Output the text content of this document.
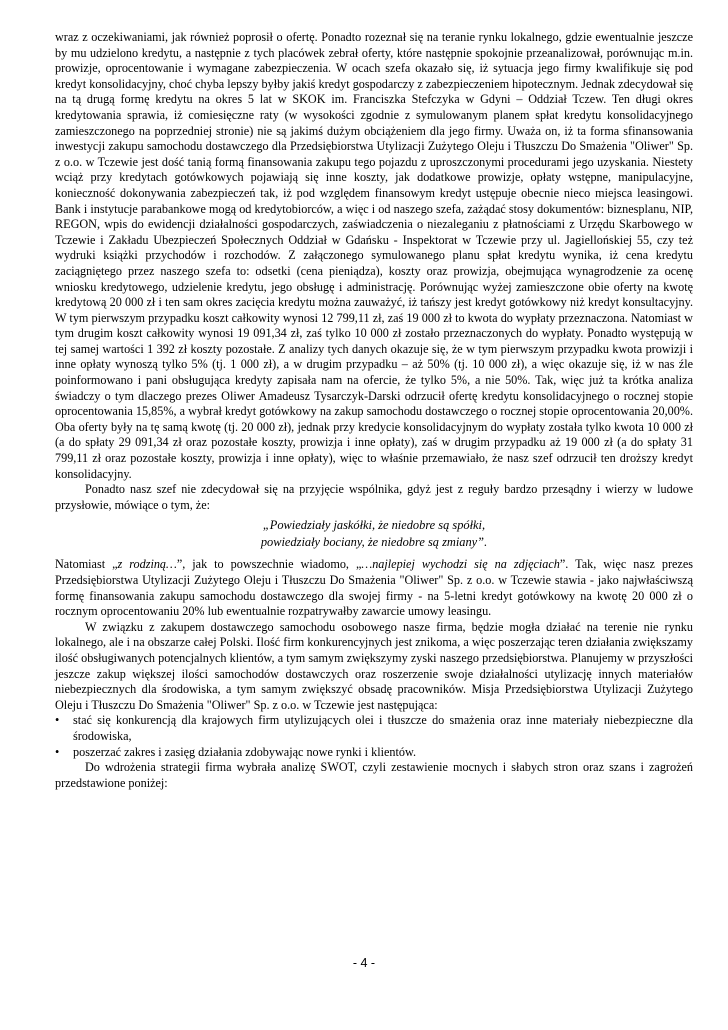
wraz z oczekiwaniami, jak również poprosił o ofertę. Ponadto rozeznał się na teranie rynku lokalnego, gdzie ewentualnie jeszcze by mu udzielono kredytu, a następnie z tych placówek zebrał oferty, które następnie spokojnie przeanalizował, porównując m.in. prowizje, oprocentowanie i wymagane zabezpieczenia. W ocach szefa okazało się, iż sytuacja jego firmy kwalifikuje się pod kredyt konsolidacyjny, choć chyba lepszy byłby jakiś kredyt gospodarczy z zabezpieczeniem hipotecznym. Jednak zdecydował się na tą drugą formę kredytu na okres 5 lat w SKOK im. Franciszka Stefczyka w Gdyni – Oddział Tczew. Ten długi okres kredytowania sprawia, iż comiesięczne raty (w wysokości zgodnie z symulowanym planem spłat kredytu konsolidacyjnego zamieszczonego na poprzedniej stronie) nie są jakimś dużym obciążeniem dla jego firmy. Uważa on, iż ta forma sfinansowania inwestycji zakupu samochodu dostawczego dla Przedsiębiorstwa Utylizacji Zużytego Oleju i Tłuszczu Do Smażenia "Oliwer" Sp. z o.o. w Tczewie jest dość tanią formą finansowania zakupu tego pojazdu z uproszczonymi procedurami jego uzyskania. Niestety wciąż przy kredytach gotówkowych pojawiają się inne koszty, jak dodatkowe prowizje, opłaty wstępne, manipulacyjne, konieczność dokonywania zabezpieczeń tak, iż pod względem finansowym kredyt ustępuje obecnie nieco miejsca leasingowi. Bank i instytucje parabankowe mogą od kredytobiorców, a więc i od naszego szefa, zażądać stosy dokumentów: biznesplanu, NIP, REGON, wpis do ewidencji działalności gospodarczych, zaświadczenia o niezaleganiu z płatnościami z Urzędu Skarbowego w Tczewie i Zakładu Ubezpieczeń Społecznych Oddział w Gdańsku - Inspektorat w Tczewie przy ul. Jagiellońskiej 55, czy też wydruki książki przychodów i rozchodów. Z załączonego symulowanego planu spłat kredytu wynika, iż cena kredytu zaciągniętego przez naszego szefa to: odsetki (cena pieniądza), koszty oraz prowizja, obejmująca wynagrodzenie za ocenę wniosku kredytowego, udzielenie kredytu, jego obsługę i administrację. Porównując wyżej zamieszczone obie oferty na kwotę kredytową 20 000 zł i ten sam okres zacięcia kredytu można zauważyć, iż tańszy jest kredyt gotówkowy niż kredyt konsultacyjny. W tym pierwszym przypadku koszt całkowity wynosi 12 799,11 zł, zaś 19 000 zł to kwota do wypłaty przeznaczona. Natomiast w tym drugim koszt całkowity wynosi 19 091,34 zł, zaś tylko 10 000 zł zostało przeznaczonych do wypłaty. Ponadto występują w tej samej wartości 1 392 zł koszty pozostałe. Z analizy tych danych okazuje się, że w tym pierwszym przypadku kwota prowizji i inne opłaty wynoszą tylko 5% (tj. 1 000 zł), a w drugim przypadku – aż 50% (tj. 10 000 zł), a więc okazuje się, iż w nas źle poinformowano i pani obsługująca kredyty zapisała nam na ofercie, że tylko 5%, a nie 50%. Tak, więc już ta krótka analiza świadczy o tym dlaczego prezes Oliwer Amadeusz Tysarczyk-Darski odrzucił ofertę kredytu konsolidacyjnego o rocznej stopie oprocentowania 15,85%, a wybrał kredyt gotówkowy na zakup samochodu dostawczego o rocznej stopie oprocentowania 20,00%. Oba oferty były na tę samą kwotę (tj. 20 000 zł), jednak przy kredycie konsolidacyjnym do wypłaty została tylko kwota 10 000 zł (a do spłaty 29 091,34 zł oraz pozostałe koszty, prowizja i inne opłaty), zaś w drugim przypadku aż 19 000 zł (a do spłaty 31 799,11 zł oraz pozostałe koszty, prowizja i inne opłaty), więc to właśnie przemawiało, że nasz szef odrzucił ten droższy kredyt konsolidacyjny.

Ponadto nasz szef nie zdecydował się na przyjęcie wspólnika, gdyż jest z reguły bardzo przesądny i wierzy w ludowe przysłowie, mówiące o tym, że:

„Powiedziały jaskółki, że niedobre są spółki,
powiedziały bociany, że niedobre są zmiany”.

Natomiast „z rodziną…”, jak to powszechnie wiadomo, „…najlepiej wychodzi się na zdjęciach”. Tak, więc nasz prezes Przedsiębiorstwa Utylizacji Zużytego Oleju i Tłuszczu Do Smażenia "Oliwer" Sp. z o.o. w Tczewie stawia - jako najwłaściwszą formę finansowania zakupu samochodu dostawczego dla swojej firmy - na 5-letni kredyt gotówkowy na kwotę 20 000 zł o rocznym oprocentowaniu 20% lub ewentualnie rozpatrywałby zawarcie umowy leasingu.

W związku z zakupem dostawczego samochodu osobowego nasze firma, będzie mogła działać na terenie nie rynku lokalnego, ale i na obszarze całej Polski. Ilość firm konkurencyjnych jest znikoma, a więc poszerzając teren działania zwiększamy ilość obsługiwanych potencjalnych klientów, a tym samym zwiększymy zyski naszego przedsiębiorstwa. Planujemy w przyszłości jeszcze zakup większej ilości samochodów dostawczych oraz roszerzenie swoje działalności utylizację innych materiałów niebezpiecznych dla środowiska, a tym samym zwiększyć obsadę pracowników. Misja Przedsiębiorstwa Utylizacji Zużytego Oleju i Tłuszczu Do Smażenia "Oliwer" Sp. z o.o. w Tczewie jest następująca:

• stać się konkurencją dla krajowych firm utylizujących olei i tłuszcze do smażenia oraz inne materiały niebezpieczne dla środowiska,
• poszerzać zakres i zasięg działania zdobywając nowe rynki i klientów.

Do wdrożenia strategii firma wybrała analizę SWOT, czyli zestawienie mocnych i słabych stron oraz szans i zagrożeń przedstawione poniżej:

- 4 -
